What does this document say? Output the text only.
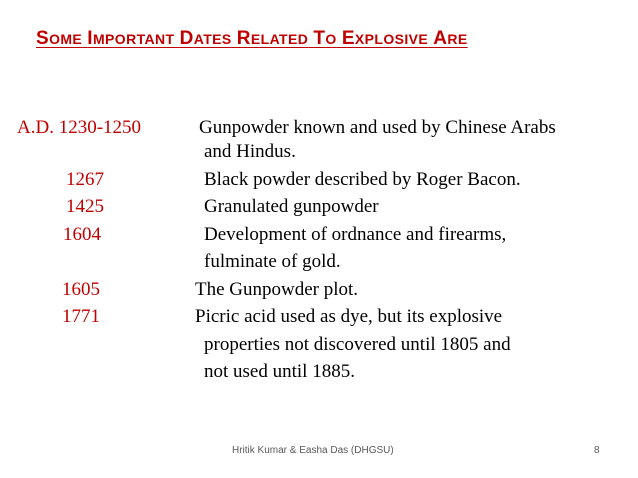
SOME IMPORTANT DATES RELATED TO EXPLOSIVE ARE
A.D. 1230-1250	Gunpowder known and used by Chinese Arabs
and Hindus.
1267	Black powder described by Roger Bacon.
1425	Granulated gunpowder
1604	Development of ordnance and firearms,
fulminate of gold.
1605	The Gunpowder plot.
1771	Picric acid used as dye, but its explosive
properties not discovered until 1805 and
not used until 1885.
Hritik Kumar & Easha Das (DHGSU)	8
